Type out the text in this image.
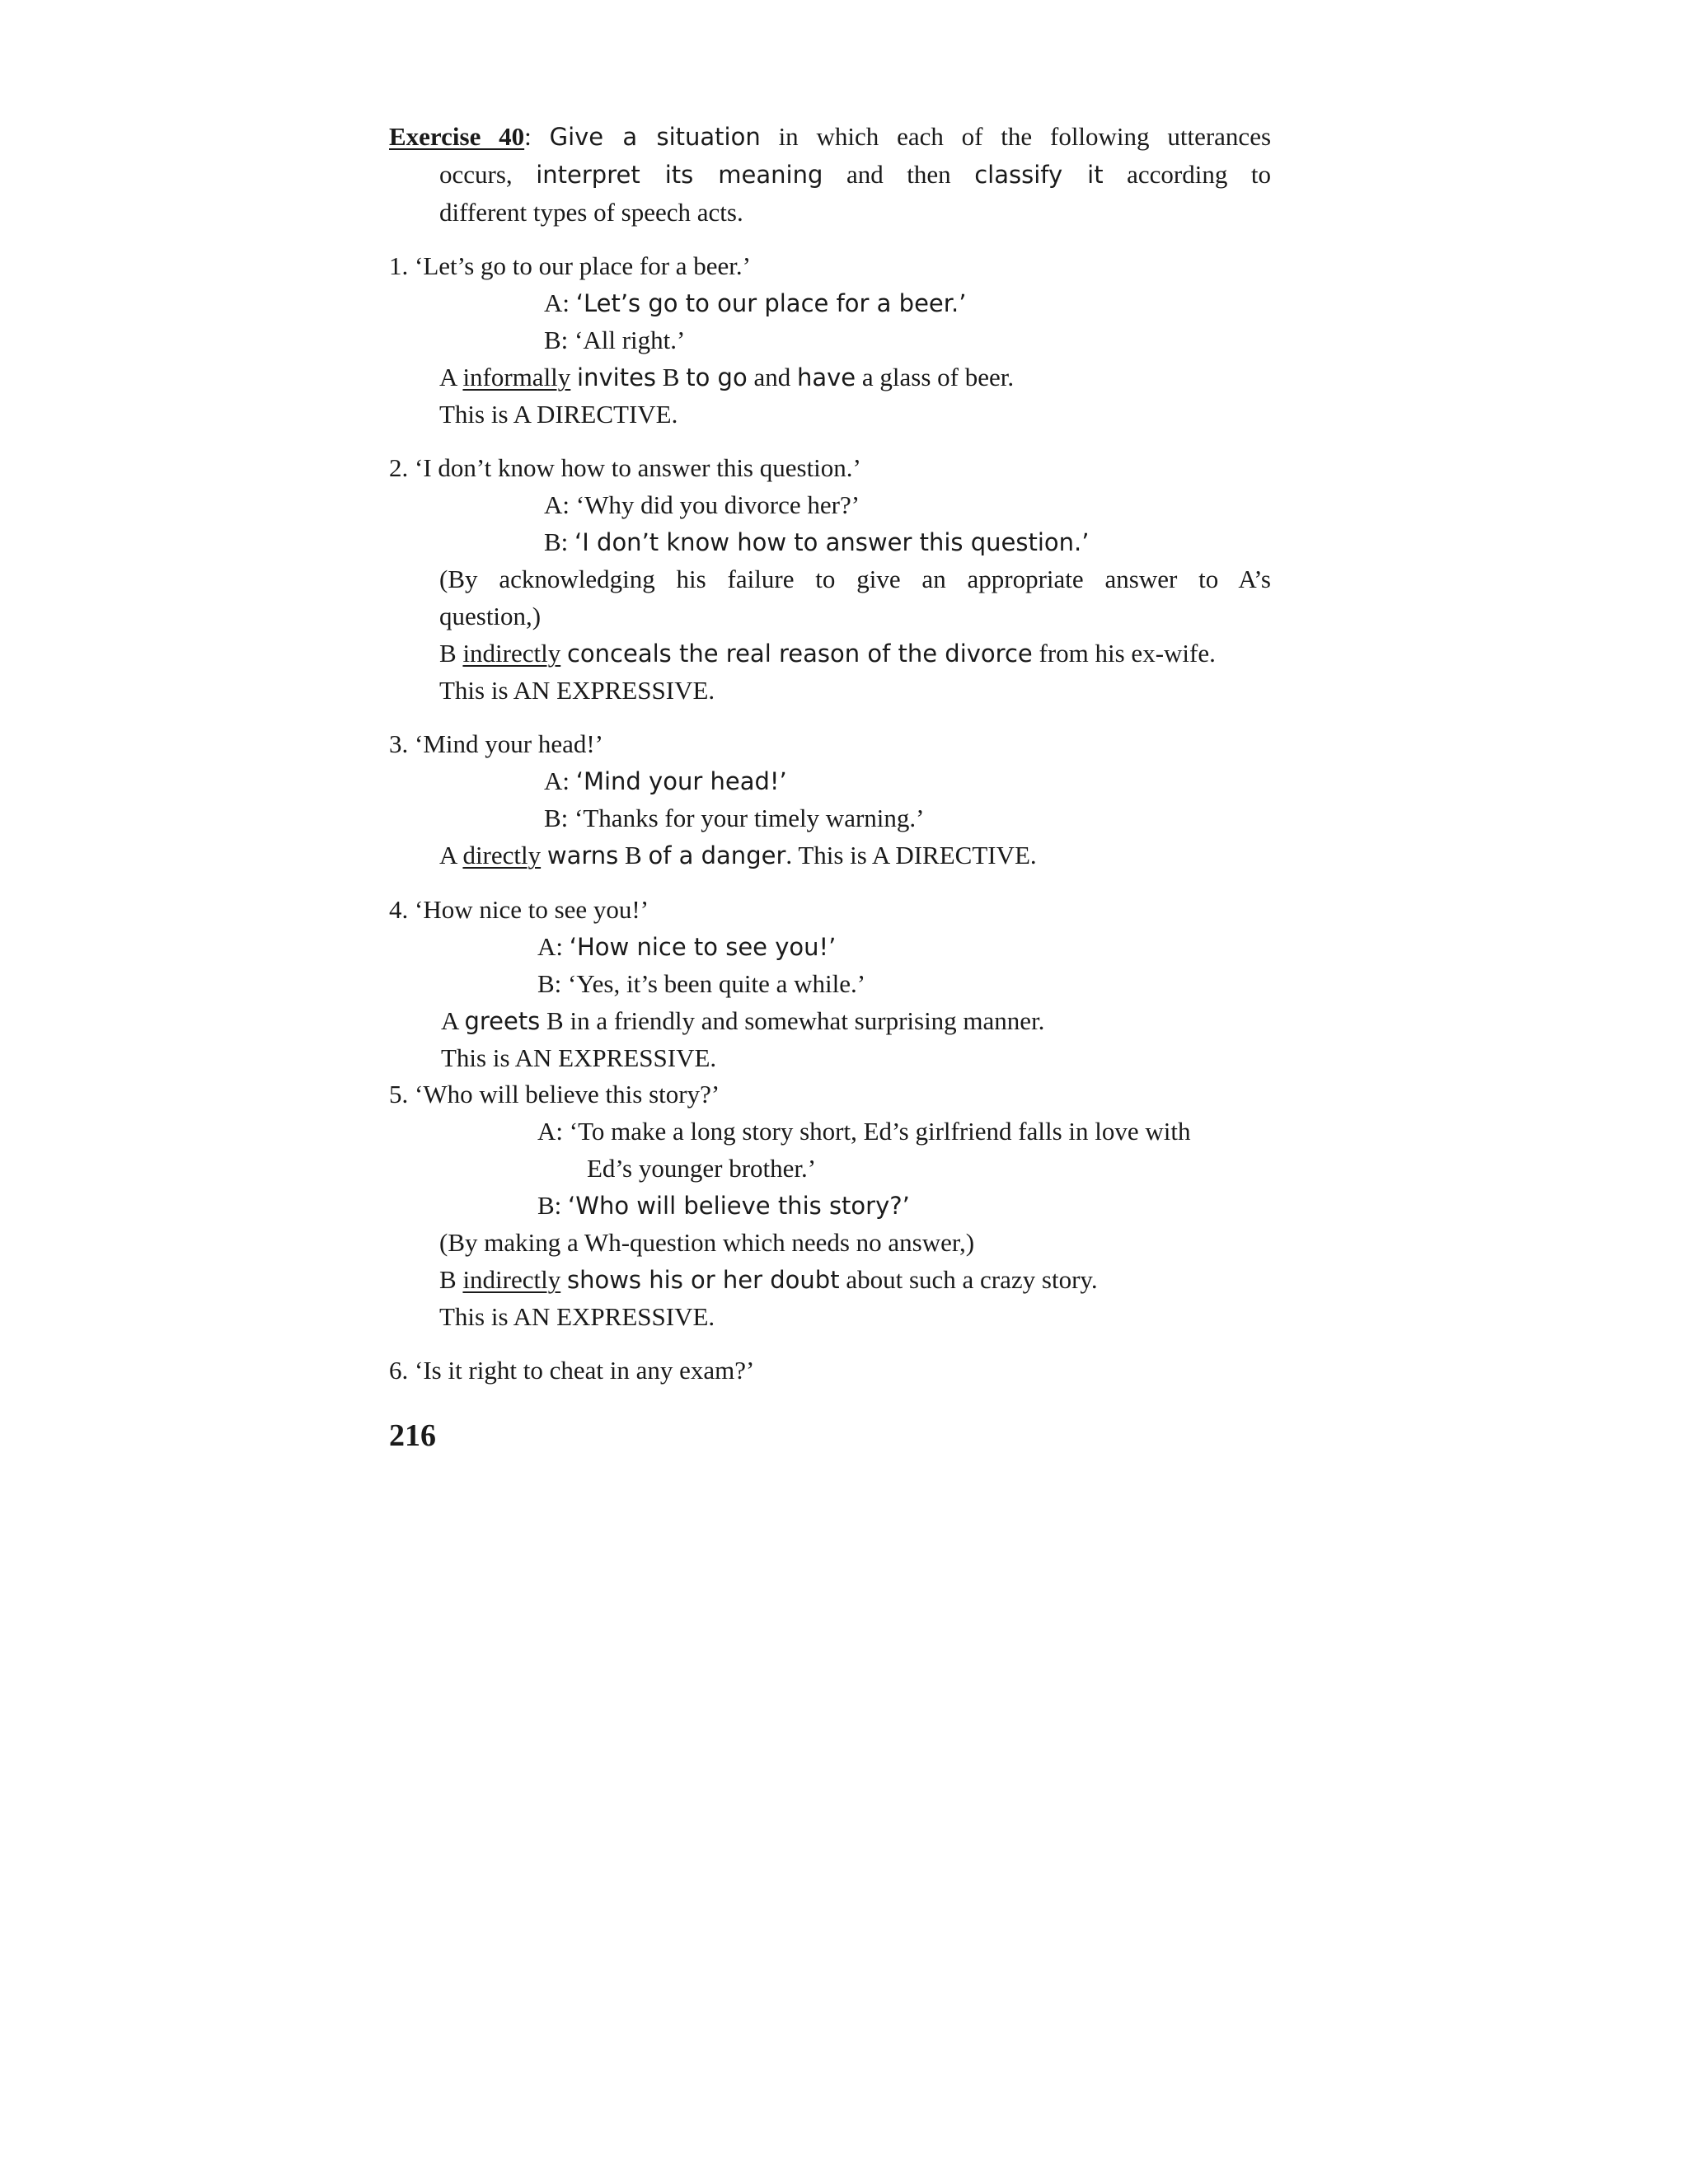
Exercise 40: Give a situation in which each of the following utterances
occurs, interpret its meaning and then classify it according to
different types of speech acts.
1. ‘Let’s go to our place for a beer.’
A: ‘Let’s go to our place for a beer.’
B: ‘All right.’
A informally invites B to go and have a glass of beer.
This is A DIRECTIVE.
2. ‘I don’t know how to answer this question.’
A: ‘Why did you divorce her?’
B: ‘I don’t know how to answer this question.’
(By acknowledging his failure to give an appropriate answer to A’s
question,)
B indirectly conceals the real reason of the divorce from his ex-wife.
This is AN EXPRESSIVE.
3. ‘Mind your head!’
A: ‘Mind your head!’
B: ‘Thanks for your timely warning.’
A directly warns B of a danger. This is A DIRECTIVE.
4. ‘How nice to see you!’
A: ‘How nice to see you!’
B: ‘Yes, it’s been quite a while.’
A greets B in a friendly and somewhat surprising manner.
This is AN EXPRESSIVE.
5. ‘Who will believe this story?’
A: ‘To make a long story short, Ed’s girlfriend falls in love with
Ed’s younger brother.’
B: ‘Who will believe this story?’
(By making a Wh-question which needs no answer,)
B indirectly shows his or her doubt about such a crazy story.
This is AN EXPRESSIVE.
6. ‘Is it right to cheat in any exam?’
216
